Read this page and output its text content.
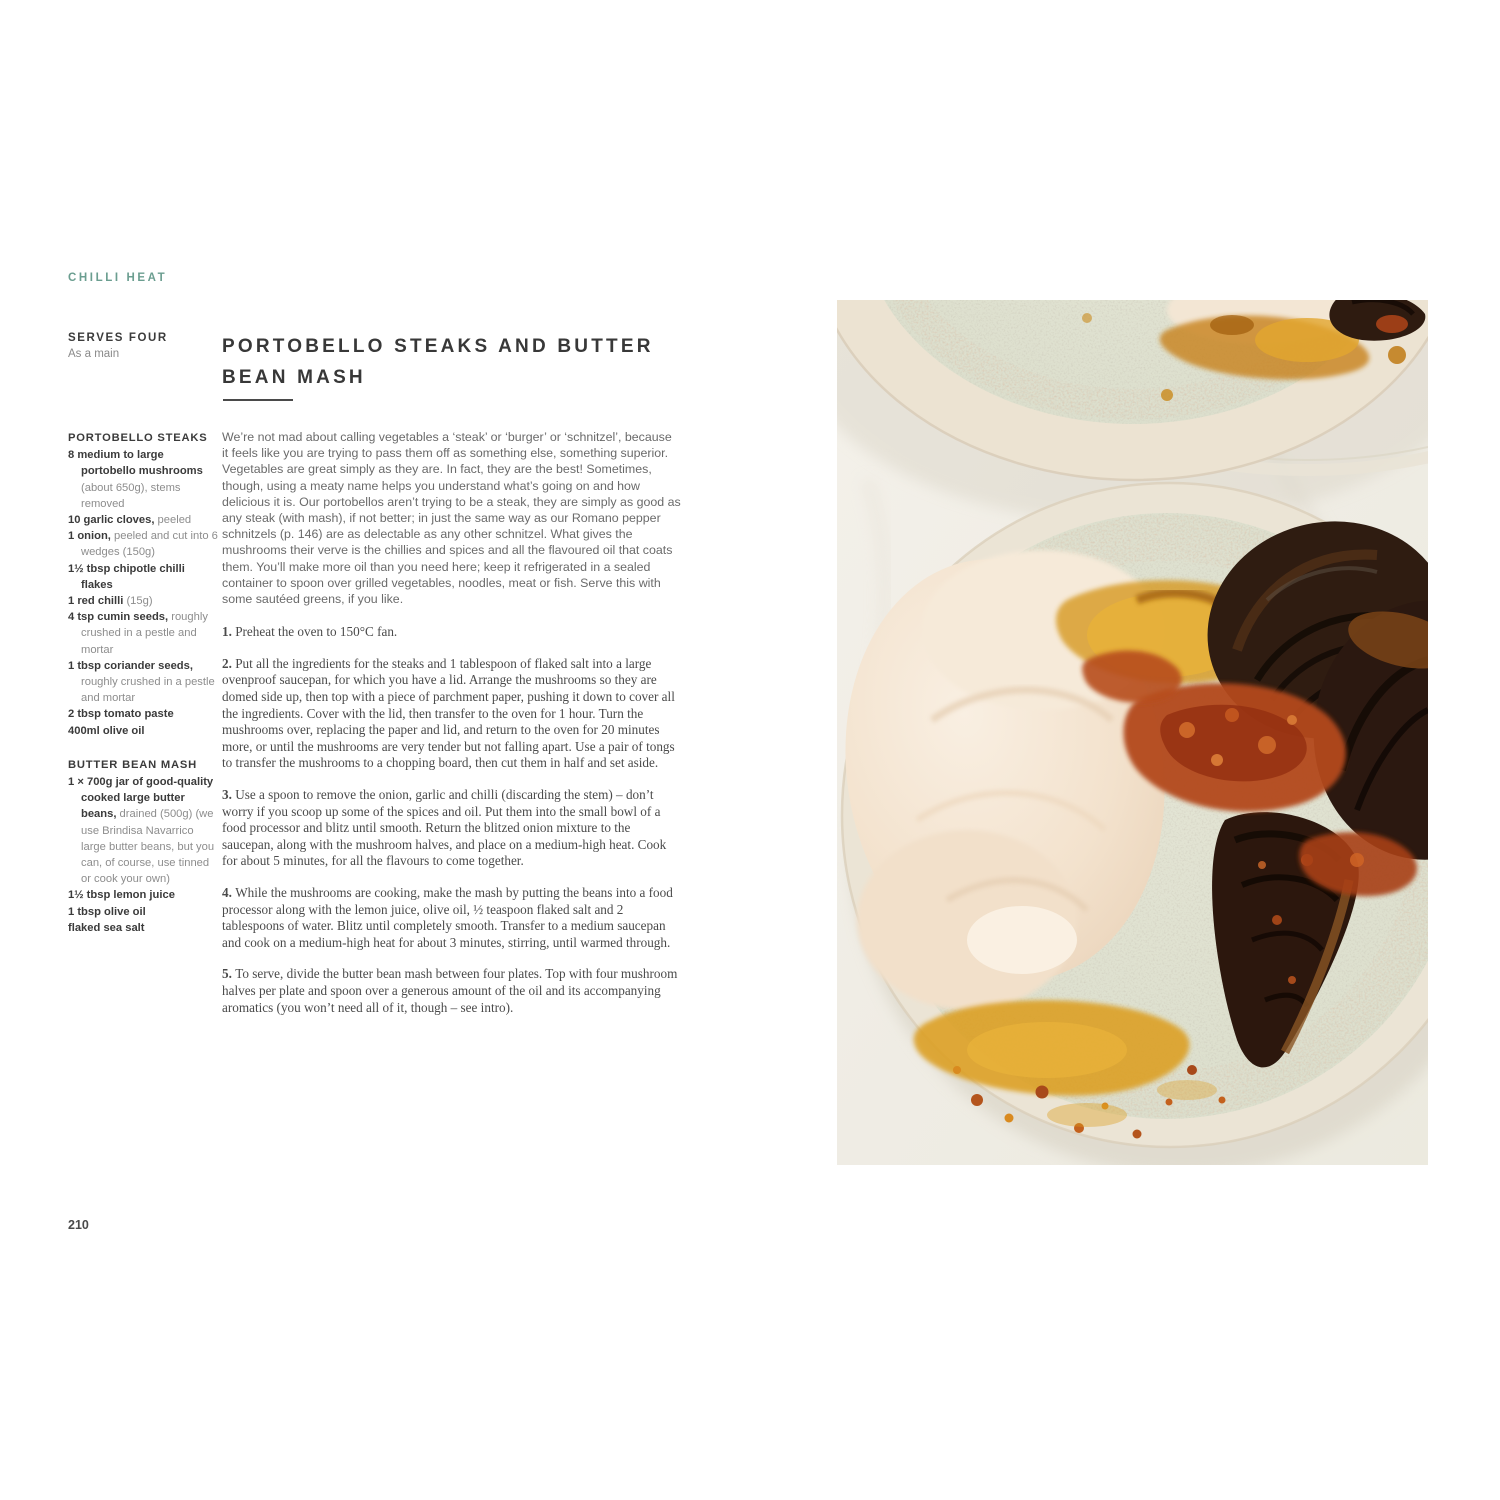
CHILLI HEAT
SERVES FOUR
As a main	PORTOBELLO STEAKS AND BUTTER BEAN MASH

PORTOBELLO STEAKS

8 medium to large portobello mushrooms (about 650g), stems removed

10 garlic cloves, peeled

1 onion, peeled and cut into 6 wedges (150g)

1½ tbsp chipotle chilli flakes

1 red chilli (15g)

4 tsp cumin seeds, roughly crushed in a pestle and mortar

1 tbsp coriander seeds, roughly crushed in a pestle and mortar

2 tbsp tomato paste

400ml olive oil

BUTTER BEAN MASH

1 × 700g jar of good-quality cooked large butter beans, drained (500g) (we use Brindisa Navarrico large butter beans, but you can, of course, use tinned or cook your own)

1½ tbsp lemon juice

1 tbsp olive oil

flaked sea salt

We’re not mad about calling vegetables a ‘steak’ or ‘burger’ or ‘schnitzel’, because it feels like you are trying to pass them off as something else, something superior. Vegetables are great simply as they are. In fact, they are the best! Sometimes, though, using a meaty name helps you understand what’s going on and how delicious it is. Our portobellos aren’t trying to be a steak, they are simply as good as any steak (with mash), if not better; in just the same way as our Romano pepper schnitzels (p. 146) are as delectable as any other schnitzel. What gives the mushrooms their verve is the chillies and spices and all the flavoured oil that coats them. You’ll make more oil than you need here; keep it refrigerated in a sealed container to spoon over grilled vegetables, noodles, meat or fish. Serve this with some sautéed greens, if you like.

1. Preheat the oven to 150°C fan.

2. Put all the ingredients for the steaks and 1 tablespoon of flaked salt into a large ovenproof saucepan, for which you have a lid. Arrange the mushrooms so they are domed side up, then top with a piece of parchment paper, pushing it down to cover all the ingredients. Cover with the lid, then transfer to the oven for 1 hour. Turn the mushrooms over, replacing the paper and lid, and return to the oven for 20 minutes more, or until the mushrooms are very tender but not falling apart. Use a pair of tongs to transfer the mushrooms to a chopping board, then cut them in half and set aside.

3. Use a spoon to remove the onion, garlic and chilli (discarding the stem) – don’t worry if you scoop up some of the spices and oil. Put them into the small bowl of a food processor and blitz until smooth. Return the blitzed onion mixture to the saucepan, along with the mushroom halves, and place on a medium-high heat. Cook for about 5 minutes, for all the flavours to come together.

4. While the mushrooms are cooking, make the mash by putting the beans into a food processor along with the lemon juice, olive oil, ½ teaspoon flaked salt and 2 tablespoons of water. Blitz until completely smooth. Transfer to a medium saucepan and cook on a medium-high heat for about 3 minutes, stirring, until warmed through.

5. To serve, divide the butter bean mash between four plates. Top with four mushroom halves per plate and spoon over a generous amount of the oil and its accompanying aromatics (you won’t need all of it, though – see intro).

210
